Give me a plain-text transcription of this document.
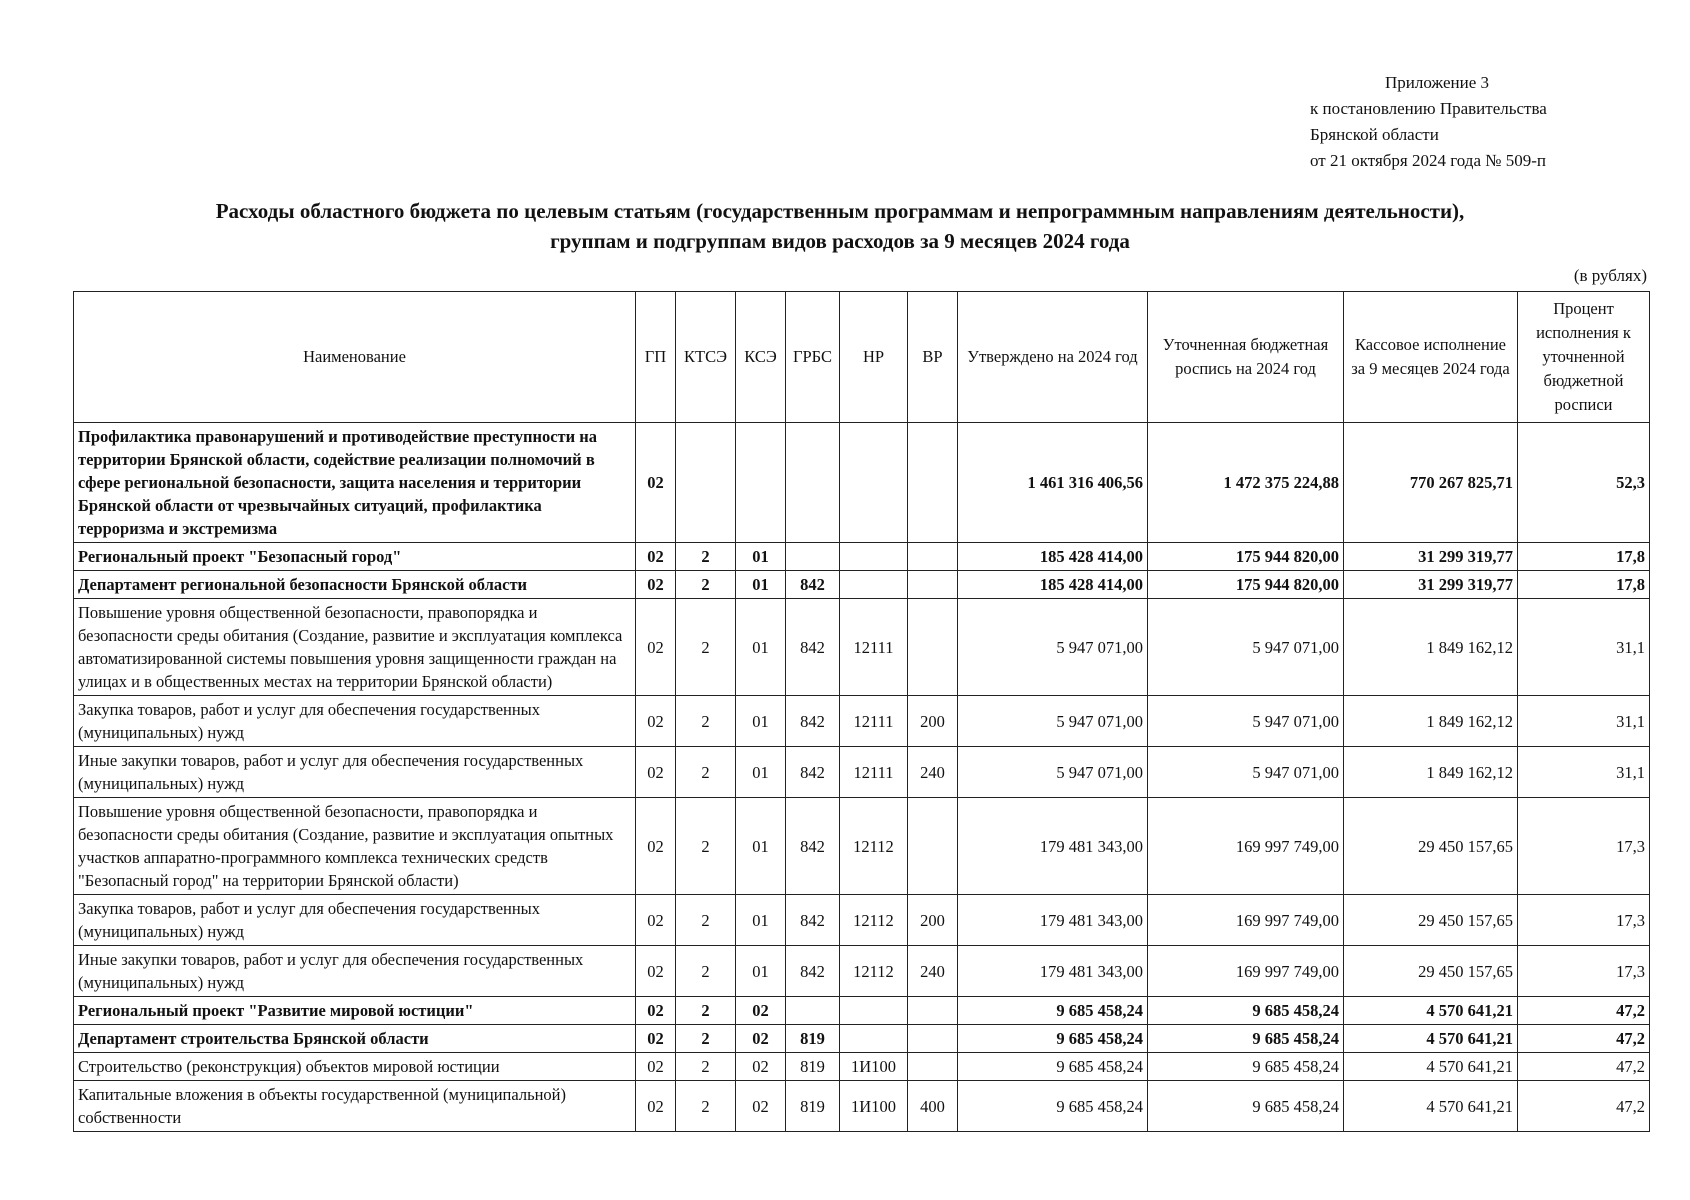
Приложение 3
к постановлению Правительства
Брянской области
от 21 октября 2024 года № 509-п
Расходы областного бюджета по целевым статьям (государственным программам и непрограммным направлениям деятельности),
группам и подгруппам видов расходов за 9 месяцев 2024 года
(в рублях)
Наименование	ГП	КТСЭ	КСЭ	ГРБС	НР	ВР	Утверждено на 2024 год	Уточненная бюджетная роспись на 2024 год	Кассовое исполнение за 9 месяцев 2024 года	Процент исполнения к уточненной бюджетной росписи
Профилактика правонарушений и противодействие преступности на территории Брянской области, содействие реализации полномочий в сфере региональной безопасности, защита населения и территории Брянской области от чрезвычайных ситуаций, профилактика терроризма и экстремизма	02						1 461 316 406,56	1 472 375 224,88	770 267 825,71	52,3
Региональный проект "Безопасный город"	02	2	01				185 428 414,00	175 944 820,00	31 299 319,77	17,8
Департамент региональной безопасности Брянской области	02	2	01	842			185 428 414,00	175 944 820,00	31 299 319,77	17,8
Повышение уровня общественной безопасности, правопорядка и безопасности среды обитания (Создание, развитие и эксплуатация комплекса автоматизированной системы повышения уровня защищенности граждан на улицах и в общественных местах на территории Брянской области)	02	2	01	842	12111		5 947 071,00	5 947 071,00	1 849 162,12	31,1
Закупка товаров, работ и услуг для обеспечения государственных (муниципальных) нужд	02	2	01	842	12111	200	5 947 071,00	5 947 071,00	1 849 162,12	31,1
Иные закупки товаров, работ и услуг для обеспечения государственных (муниципальных) нужд	02	2	01	842	12111	240	5 947 071,00	5 947 071,00	1 849 162,12	31,1
Повышение уровня общественной безопасности, правопорядка и безопасности среды обитания (Создание, развитие и эксплуатация опытных участков аппаратно-программного комплекса технических средств "Безопасный город" на территории Брянской области)	02	2	01	842	12112		179 481 343,00	169 997 749,00	29 450 157,65	17,3
Закупка товаров, работ и услуг для обеспечения государственных (муниципальных) нужд	02	2	01	842	12112	200	179 481 343,00	169 997 749,00	29 450 157,65	17,3
Иные закупки товаров, работ и услуг для обеспечения государственных (муниципальных) нужд	02	2	01	842	12112	240	179 481 343,00	169 997 749,00	29 450 157,65	17,3
Региональный проект "Развитие мировой юстиции"	02	2	02				9 685 458,24	9 685 458,24	4 570 641,21	47,2
Департамент строительства Брянской области	02	2	02	819			9 685 458,24	9 685 458,24	4 570 641,21	47,2
Строительство (реконструкция) объектов мировой юстиции	02	2	02	819	1И100		9 685 458,24	9 685 458,24	4 570 641,21	47,2
Капитальные вложения в объекты государственной (муниципальной) собственности	02	2	02	819	1И100	400	9 685 458,24	9 685 458,24	4 570 641,21	47,2
